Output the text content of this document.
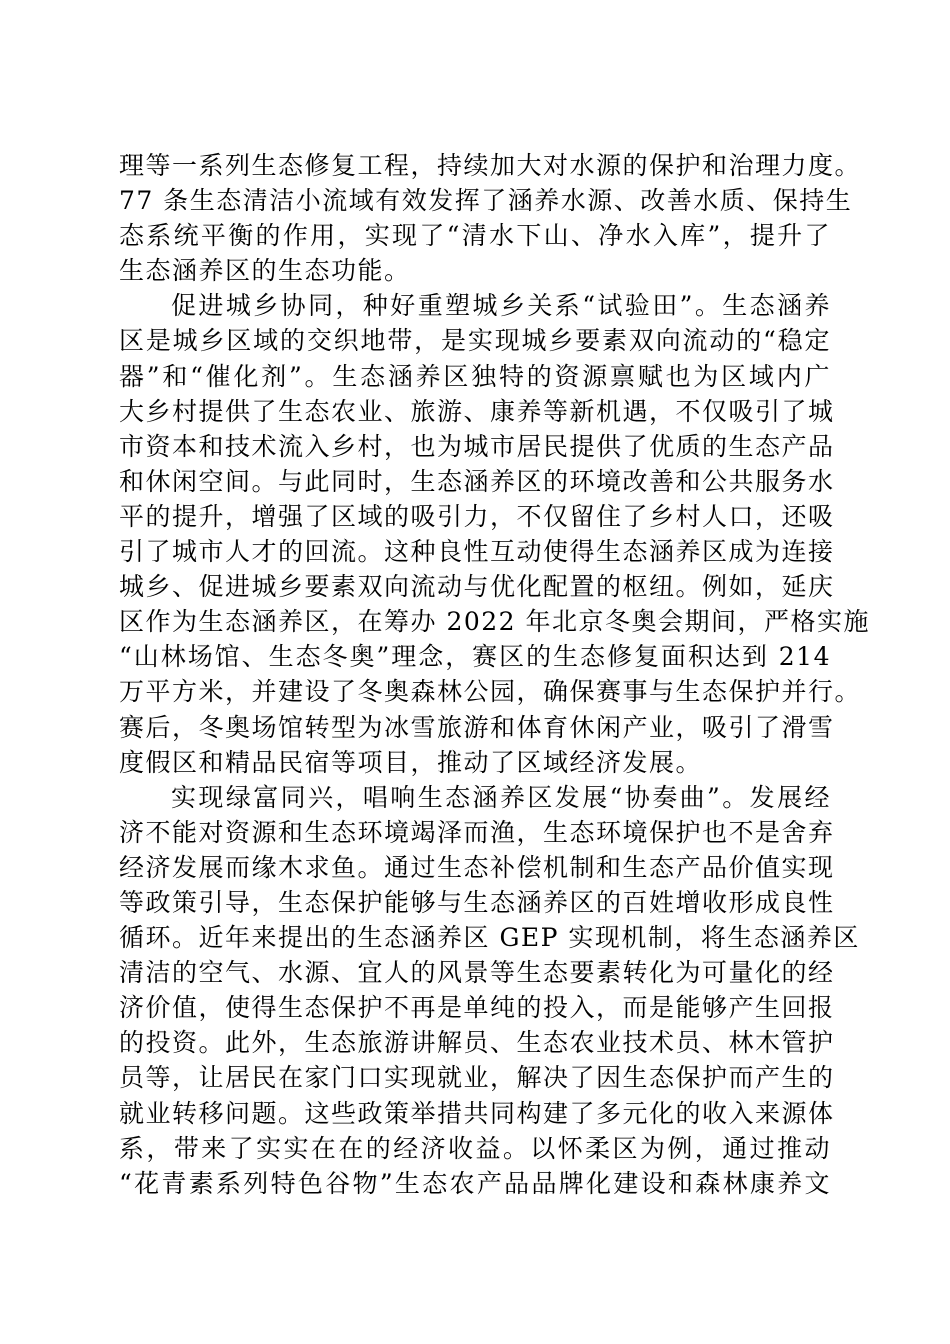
理等一系列生态修复工程，持续加大对水源的保护和治理力度。
77 条生态清洁小流域有效发挥了涵养水源、改善水质、保持生
态系统平衡的作用，实现了“清水下山、净水入库”，提升了
生态涵养区的生态功能。
促进城乡协同，种好重塑城乡关系“试验田”。生态涵养
区是城乡区域的交织地带，是实现城乡要素双向流动的“稳定
器”和“催化剂”。生态涵养区独特的资源禀赋也为区域内广
大乡村提供了生态农业、旅游、康养等新机遇，不仅吸引了城
市资本和技术流入乡村，也为城市居民提供了优质的生态产品
和休闲空间。与此同时，生态涵养区的环境改善和公共服务水
平的提升，增强了区域的吸引力，不仅留住了乡村人口，还吸
引了城市人才的回流。这种良性互动使得生态涵养区成为连接
城乡、促进城乡要素双向流动与优化配置的枢纽。例如，延庆
区作为生态涵养区，在筹办 2022 年北京冬奥会期间，严格实施
“山林场馆、生态冬奥”理念，赛区的生态修复面积达到 214
万平方米，并建设了冬奥森林公园，确保赛事与生态保护并行。
赛后，冬奥场馆转型为冰雪旅游和体育休闲产业，吸引了滑雪
度假区和精品民宿等项目，推动了区域经济发展。
实现绿富同兴，唱响生态涵养区发展“协奏曲”。发展经
济不能对资源和生态环境竭泽而渔，生态环境保护也不是舍弃
经济发展而缘木求鱼。通过生态补偿机制和生态产品价值实现
等政策引导，生态保护能够与生态涵养区的百姓增收形成良性
循环。近年来提出的生态涵养区 GEP 实现机制，将生态涵养区
清洁的空气、水源、宜人的风景等生态要素转化为可量化的经
济价值，使得生态保护不再是单纯的投入，而是能够产生回报
的投资。此外，生态旅游讲解员、生态农业技术员、林木管护
员等，让居民在家门口实现就业，解决了因生态保护而产生的
就业转移问题。这些政策举措共同构建了多元化的收入来源体
系，带来了实实在在的经济收益。以怀柔区为例，通过推动
“花青素系列特色谷物”生态农产品品牌化建设和森林康养文
